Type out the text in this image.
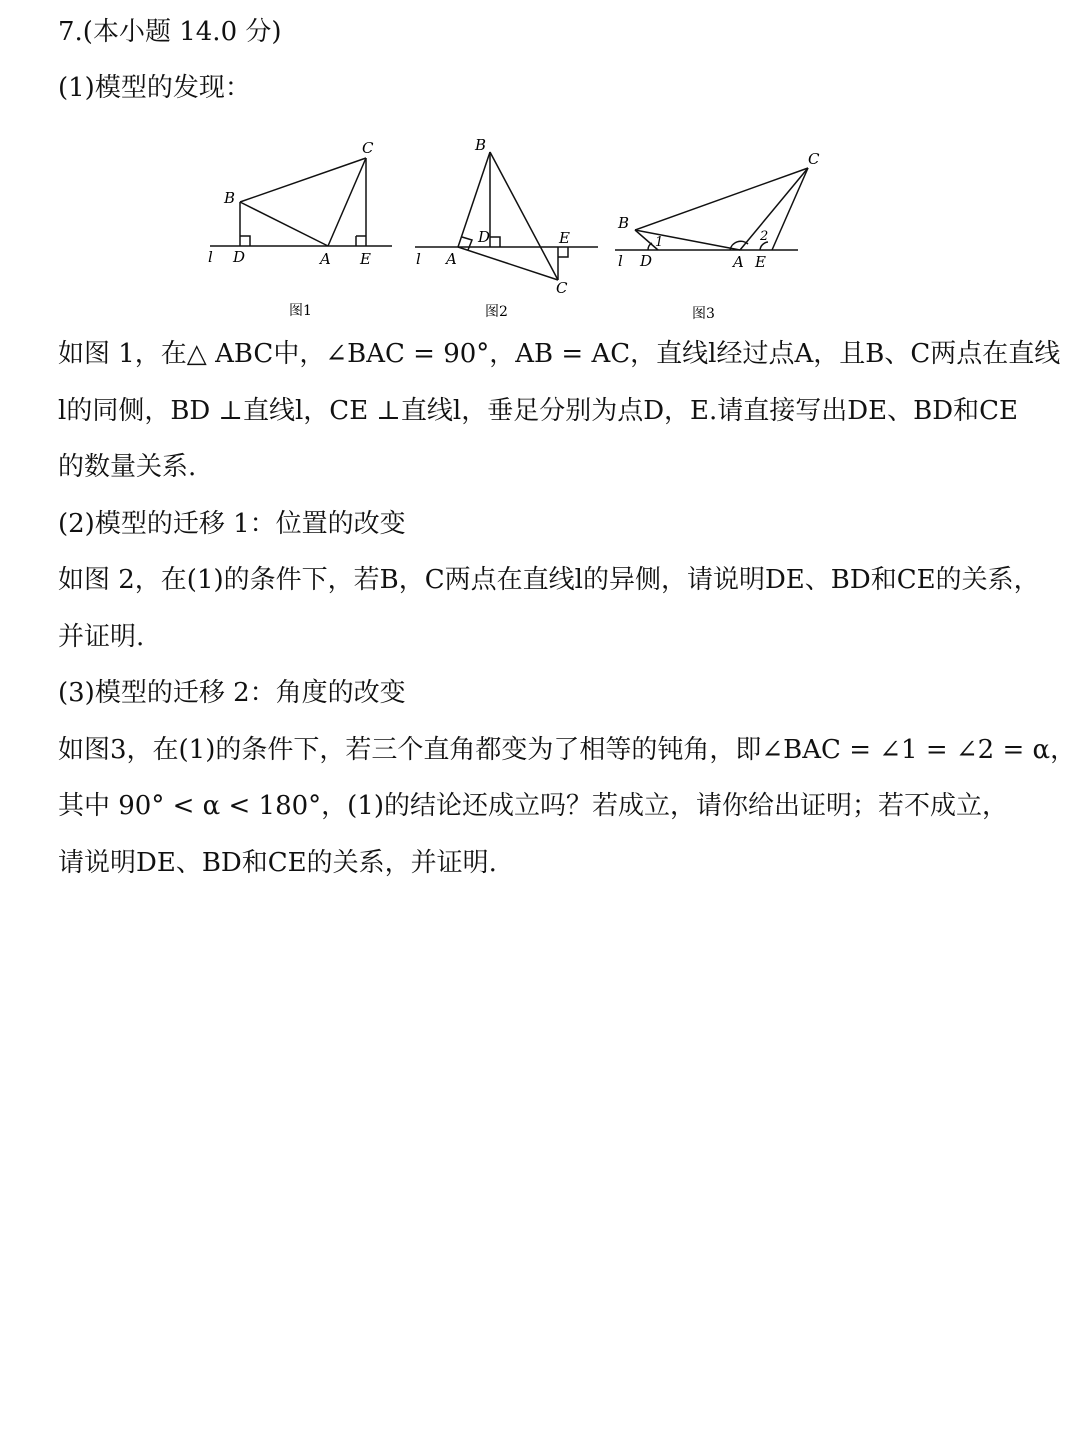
7.(本小题 14.0 分)
(1)模型的发现：
B
C
l D	A E
图1
B
D
l A
E
C
图2
B
C
l D	A E
1	2
图3
如图 1，在△ ABC中，∠BAC = 90°，AB = AC，直线l经过点A，且B、C两点在直线
l的同侧，BD ⊥直线l，CE ⊥直线l，垂足分别为点D，E.请直接写出DE、BD和CE
的数量关系.
(2)模型的迁移 1：位置的改变
如图 2，在(1)的条件下，若B，C两点在直线l的异侧，请说明DE、BD和CE的关系，
并证明.
(3)模型的迁移 2：角度的改变
如图3，在(1)的条件下，若三个直角都变为了相等的钝角，即∠BAC = ∠1 = ∠2 = α，
其中 90° < α < 180°，(1)的结论还成立吗？若成立，请你给出证明；若不成立，
请说明DE、BD和CE的关系，并证明.
